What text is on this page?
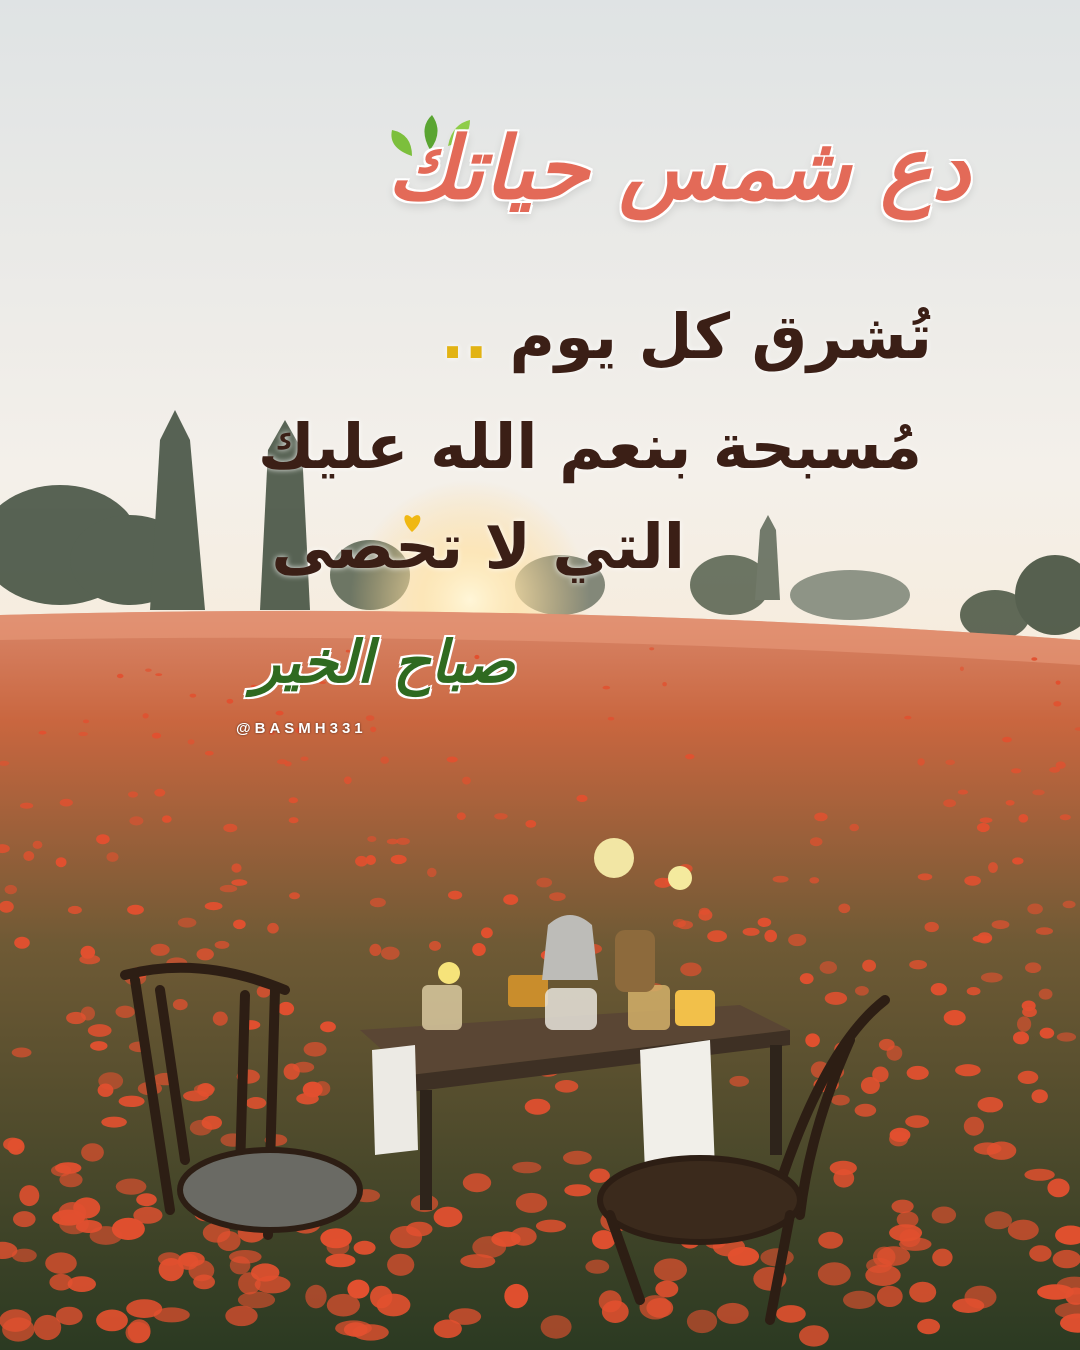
دع شمس حياتك
تُشرق كل يوم ..
مُسبحة بنعم الله عليك
التي لا تحصى
صباح الخير
@BASMH331
